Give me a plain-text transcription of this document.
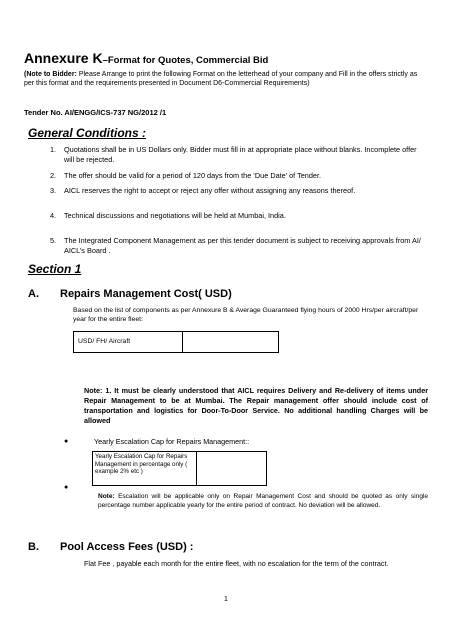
Annexure K–Format for Quotes, Commercial Bid
(Note to Bidder: Please Arrange to print the following Format on the letterhead of your company and Fill in the offers strictly as per this format and the requirements presented in Document D6-Commercial Requirements)
Tender No. AI/ENGG/ICS-737 NG/2012 /1
General Conditions :
1. Quotations shall be in US Dollars only. Bidder must fill in at appropriate place without blanks. Incomplete offer will be rejected.
2. The offer should be valid for a period of 120 days from the ‘Due Date’ of Tender.
3. AICL reserves the right to accept or reject any offer without assigning any reasons thereof.
4. Technical discussions and negotiations will be held at Mumbai, India.
5. The Integrated Component Management as per this tender document is subject to receiving approvals from AI/ AICL’s Board .
Section 1
A. Repairs Management Cost( USD)
Based on the list of components as per Annexure B & Average Guaranteed flying hours of 2000 Hrs/per aircraft/per year for the entire fleet:
USD/ FH/ Aircraft
Note: 1. It must be clearly understood that AICL requires Delivery and Re-delivery of items under Repair Management to be at Mumbai. The Repair management offer should include cost of transportation and logistics for Door-To-Door Service. No additional handling Charges will be allowed
●	Yearly Escalation Cap for Repairs Management::
Yearly Escalation Cap for Repairs Management in percentage only ( example 2% etc )
●
Note: Escalation will be applicable only on Repair Management Cost and should be quoted as only single percentage number applicable yearly for the entire period of contract. No deviation will be allowed.
B. Pool Access Fees (USD) :
Flat Fee , payable each month for the entire fleet, with no escalation for the term of the contract.
1
